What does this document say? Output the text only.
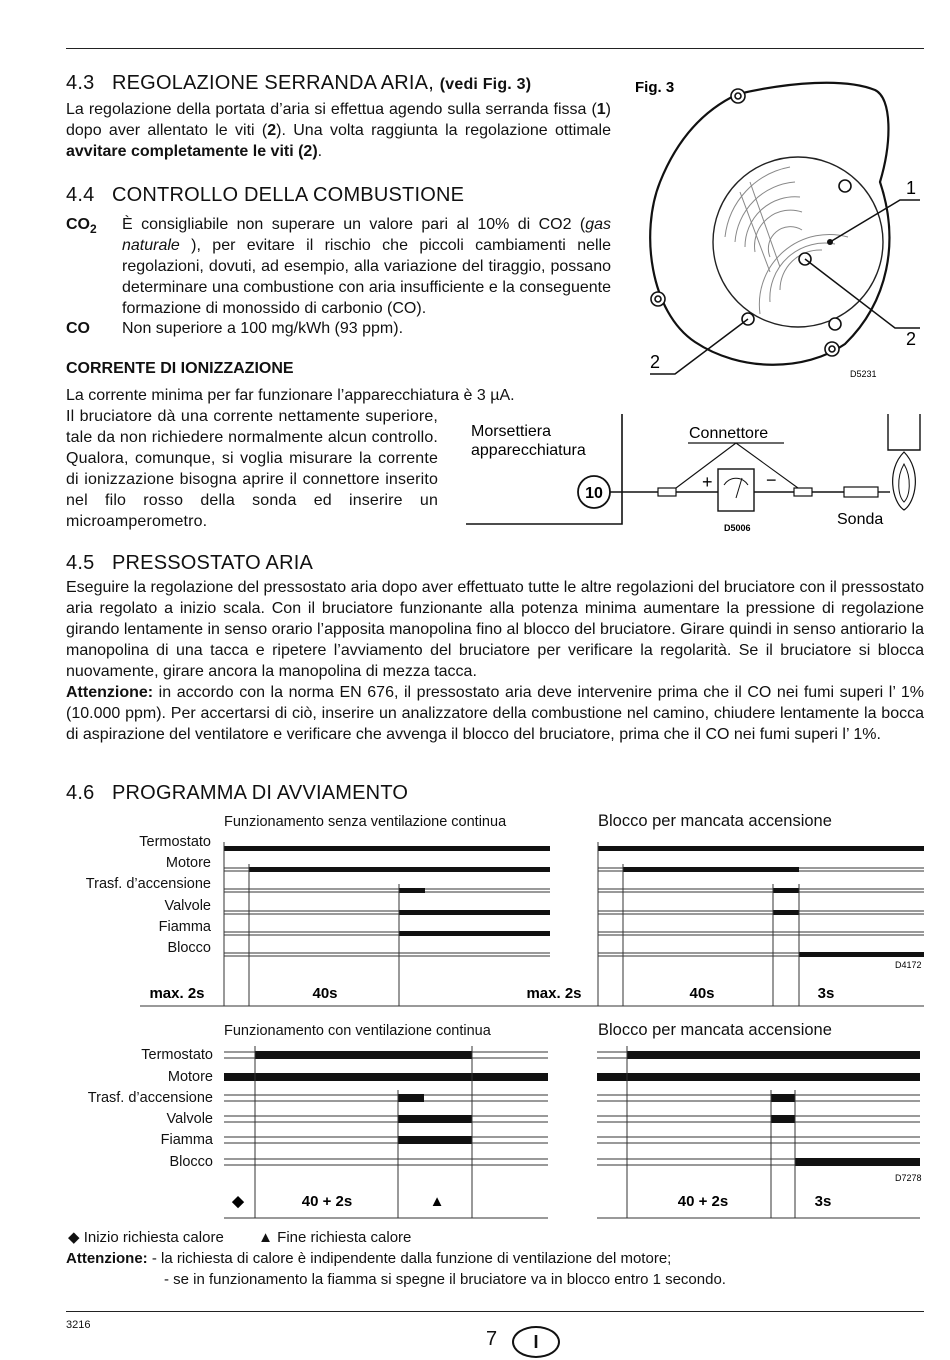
4.3 REGOLAZIONE SERRANDA ARIA, (vedi Fig. 3)

La regolazione della portata d’aria si effettua agendo sulla serranda fissa (1) dopo aver allentato le viti (2). Una volta raggiunta la regolazione ottimale avvitare completamente le viti (2).

4.4 CONTROLLO DELLA COMBUSTIONE
$CO_2$ È consigliabile non superare un valore pari al 10% di CO2 (gas naturale ), per evitare il rischio che piccoli cambiamenti nelle regolazioni, dovuti, ad esempio, alla variazione del tiraggio, possano determinare una combustione con aria insufficiente e la conseguente formazione di monossido di carbonio (CO).

CO Non superiore a 100 mg/kWh (93 ppm).

CORRENTE DI IONIZZAZIONE

La corrente minima per far funzionare l’apparecchiatura è 3 µA.

Il bruciatore dà una corrente nettamente superiore, tale da non richiedere normalmente alcun controllo. Qualora, comunque, si voglia misurare la corrente di ionizzazione bisogna aprire il connettore inserito nel filo rosso della sonda ed inserire un microamperometro.

Fig. 3
1
2
2
D5231
Morsettiera
apparecchiatura
10
Connettore
+	−
D5006	Sonda
4.5 PRESSOSTATO ARIA

Eseguire la regolazione del pressostato aria dopo aver effettuato tutte le altre regolazioni del bruciatore con il pressostato aria regolato a inizio scala. Con il bruciatore funzionante alla potenza minima aumentare la pressione di regolazione girando lentamente in senso orario l’apposita manopolina fino al blocco del bruciatore. Girare quindi in senso antiorario la manopolina di una tacca e ripetere l’avviamento del bruciatore per verificare la regolarità. Se il bruciatore si blocca nuovamente, girare ancora la manopolina di mezza tacca.
Attenzione: in accordo con la norma EN 676, il pressostato aria deve intervenire prima che il CO nei fumi superi l’ 1% (10.000 ppm). Per accertarsi di ciò, inserire un analizzatore della combustione nel camino, chiudere lentamente la bocca di aspirazione del ventilatore e verificare che avvenga il blocco del bruciatore, prima che il CO nei fumi superi l’ 1%.

4.6 PROGRAMMA DI AVVIAMENTO
Funzionamento senza ventilazione continua	Blocco per mancata accensione
Termostato
Motore
Trasf. d’accensione
Valvole
Fiamma
Blocco
D4172
max. 2s	40s	max. 2s	40s	3s
Funzionamento con ventilazione continua	Blocco per mancata accensione
Termostato
Motore
Trasf. d’accensione
Valvole
Fiamma
Blocco
D7278
◆	40 + 2s	▲	40 + 2s	3s
◆ Inizio richiesta calore ▲ Fine richiesta calore
Attenzione: - la richiesta di calore è indipendente dalla funzione di ventilazione del motore;
- se in funzionamento la fiamma si spegne il bruciatore va in blocco entro 1 secondo.
3216
7	I
